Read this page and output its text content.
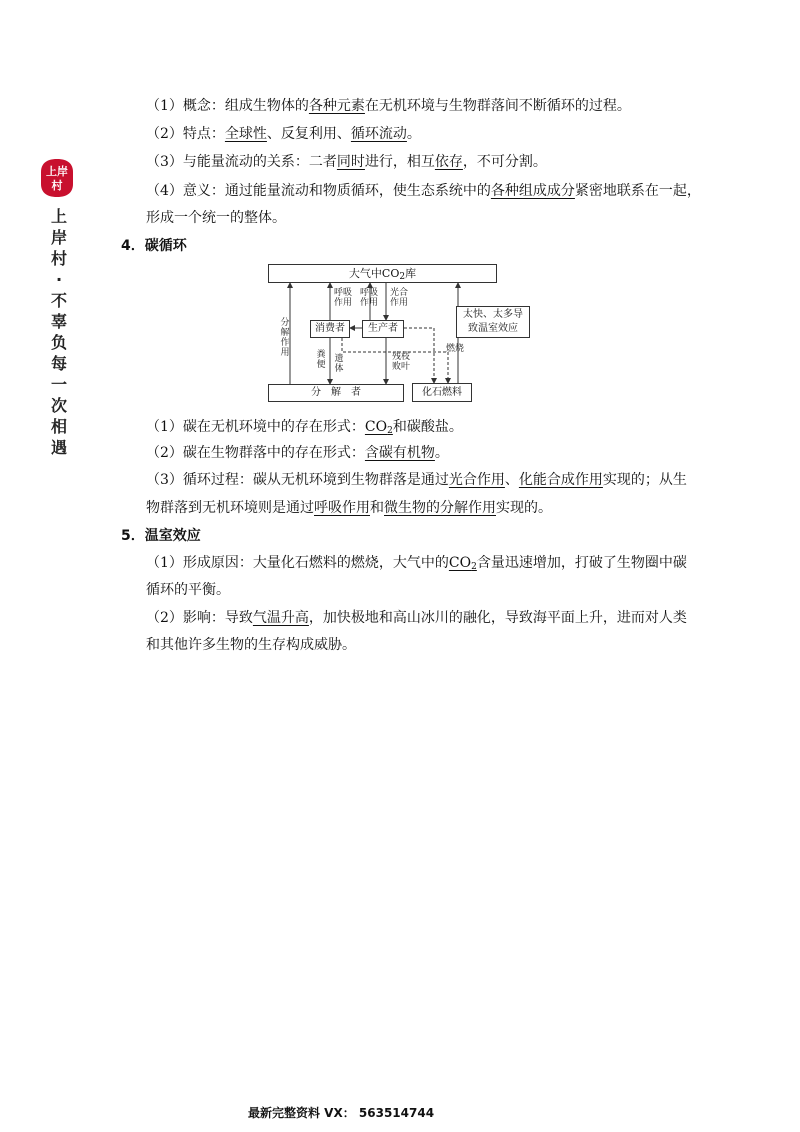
上岸
村
上
岸
村
·
不
辜
负
每
一
次
相
遇
（1）概念：组成生物体的各种元素在无机环境与生物群落间不断循环的过程。
（2）特点：全球性、反复利用、循环流动。
（3）与能量流动的关系：二者同时进行，相互依存，不可分割。
（4）意义：通过能量流动和物质循环，使生态系统中的各种组成成分紧密地联系在一起，
形成一个统一的整体。
4．碳循环
大气中$CO_2$库
消费者	生产者
分　解　者	化石燃料
太快、太多导
致温室效应
分解作用
呼吸作用
呼吸作用
光合作用
粪便
遗体
残枝败叶
燃烧
（1）碳在无机环境中的存在形式：$CO_2$和碳酸盐。
（2）碳在生物群落中的存在形式：含碳有机物。
（3）循环过程：碳从无机环境到生物群落是通过光合作用、化能合成作用实现的；从生
物群落到无机环境则是通过呼吸作用和微生物的分解作用实现的。
5．温室效应
（1）形成原因：大量化石燃料的燃烧，大气中的$CO_2$含量迅速增加，打破了生物圈中碳
循环的平衡。
（2）影响：导致气温升高，加快极地和高山冰川的融化，导致海平面上升，进而对人类
和其他许多生物的生存构成威胁。
最新完整资料 VX： 563514744
